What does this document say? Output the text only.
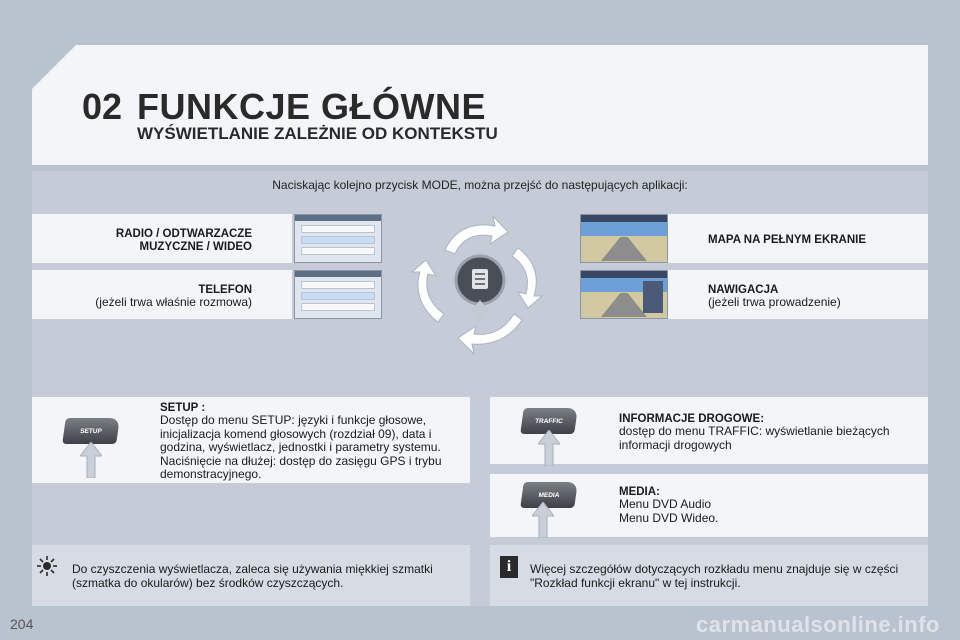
02 FUNKCJE GŁÓWNE
WYŚWIETLANIE ZALEŻNIE OD KONTEKSTU
Naciskając kolejno przycisk MODE, można przejść do następujących aplikacji:
RADIO / ODTWARZACZE
MUZYCZNE / WIDEO
TELEFON
(jeżeli trwa właśnie rozmowa)
MAPA NA PEŁNYM EKRANIE
NAWIGACJA
(jeżeli trwa prowadzenie)
SETUP
SETUP :
Dostęp do menu SETUP: języki i funkcje głosowe,
inicjalizacja komend głosowych (rozdział 09), data i
godzina, wyświetlacz, jednostki i parametry systemu.
Naciśnięcie na dłużej: dostęp do zasięgu GPS i trybu
demonstracyjnego.
TRAFFIC	INFORMACJE DROGOWE:
dostęp do menu TRAFFIC: wyświetlanie bieżących
informacji drogowych
MEDIA	MEDIA:
Menu DVD Audio
Menu DVD Wideo.
Do czyszczenia wyświetlacza, zaleca się używania miękkiej szmatki
(szmatka do okularów) bez środków czyszczących.
i	Więcej szczegółów dotyczących rozkładu menu znajduje się w części
"Rozkład funkcji ekranu" w tej instrukcji.
204	carmanualsonline.info
